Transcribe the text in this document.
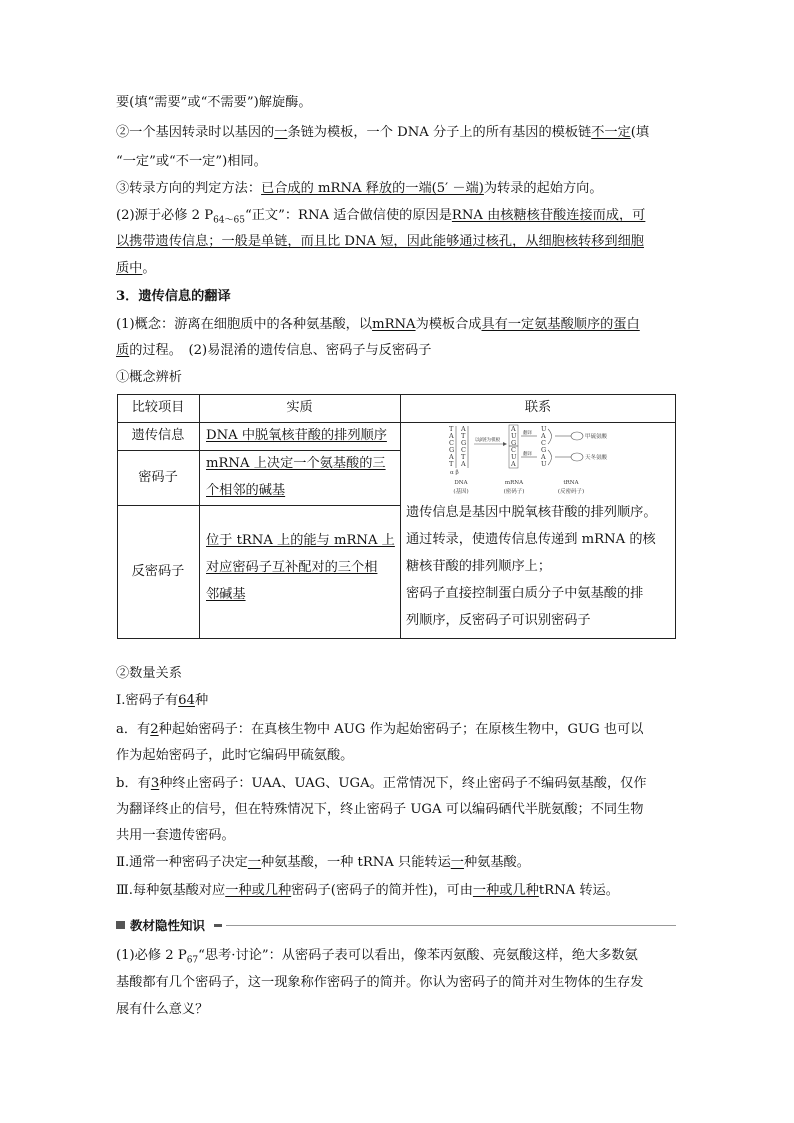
要(填“需要”或“不需要”)解旋酶。
②一个基因转录时以基因的一条链为模板，一个 DNA 分子上的所有基因的模板链不一定(填
“一定”或“不一定”)相同。
③转录方向的判定方法：已合成的 mRNA 释放的一端(5′ －端)为转录的起始方向。
(2)源于必修 2 $P_{64\sim 65}“$正文”：RNA 适合做信使的原因是RNA 由核糖核苷酸连接而成，可
以携带遗传信息；一般是单链，而且比 DNA 短，因此能够通过核孔，从细胞核转移到细胞
质中。
3．遗传信息的翻译
(1)概念：游离在细胞质中的各种氨基酸，以mRNA为模板合成具有一定氨基酸顺序的蛋白
质的过程。　(2)易混淆的遗传信息、密码子与反密码子
①概念辨析
比较项目	实质	联系
遗传信息
密码子
反密码子
DNA 中脱氧核苷酸的排列顺序
mRNA 上决定一个氨基酸的三
个相邻的碱基
位于 tRNA 上的能与 mRNA 上
对应密码子互补配对的三个相
邻碱基
T
A
C
G
A
T
A
T
G
C
T
A
α β
以β链为模板
A
U
G
C
U
A
翻译
翻译
U
A
C
G
A
U
甲硫氨酸
天冬氨酸
DNA
(基因)
mRNA
(密码子)
tRNA
(反密码子)
遗传信息是基因中脱氧核苷酸的排列顺序。
通过转录，使遗传信息传递到 mRNA 的核
糖核苷酸的排列顺序上；
密码子直接控制蛋白质分子中氨基酸的排
列顺序，反密码子可识别密码子
②数量关系
Ⅰ.密码子有64种
a．有2种起始密码子：在真核生物中 AUG 作为起始密码子；在原核生物中，GUG 也可以
作为起始密码子，此时它编码甲硫氨酸。
b．有3种终止密码子：UAA、UAG、UGA。正常情况下，终止密码子不编码氨基酸，仅作
为翻译终止的信号，但在特殊情况下，终止密码子 UGA 可以编码硒代半胱氨酸；不同生物
共用一套遗传密码。
Ⅱ.通常一种密码子决定一种氨基酸，一种 tRNA 只能转运一种氨基酸。
Ⅲ.每种氨基酸对应一种或几种密码子(密码子的简并性)，可由一种或几种tRNA 转运。
教材隐性知识
(1)必修 2 $P_{67}“$思考·讨论”：从密码子表可以看出，像苯丙氨酸、亮氨酸这样，绝大多数氨
基酸都有几个密码子，这一现象称作密码子的简并。你认为密码子的简并对生物体的生存发
展有什么意义？
